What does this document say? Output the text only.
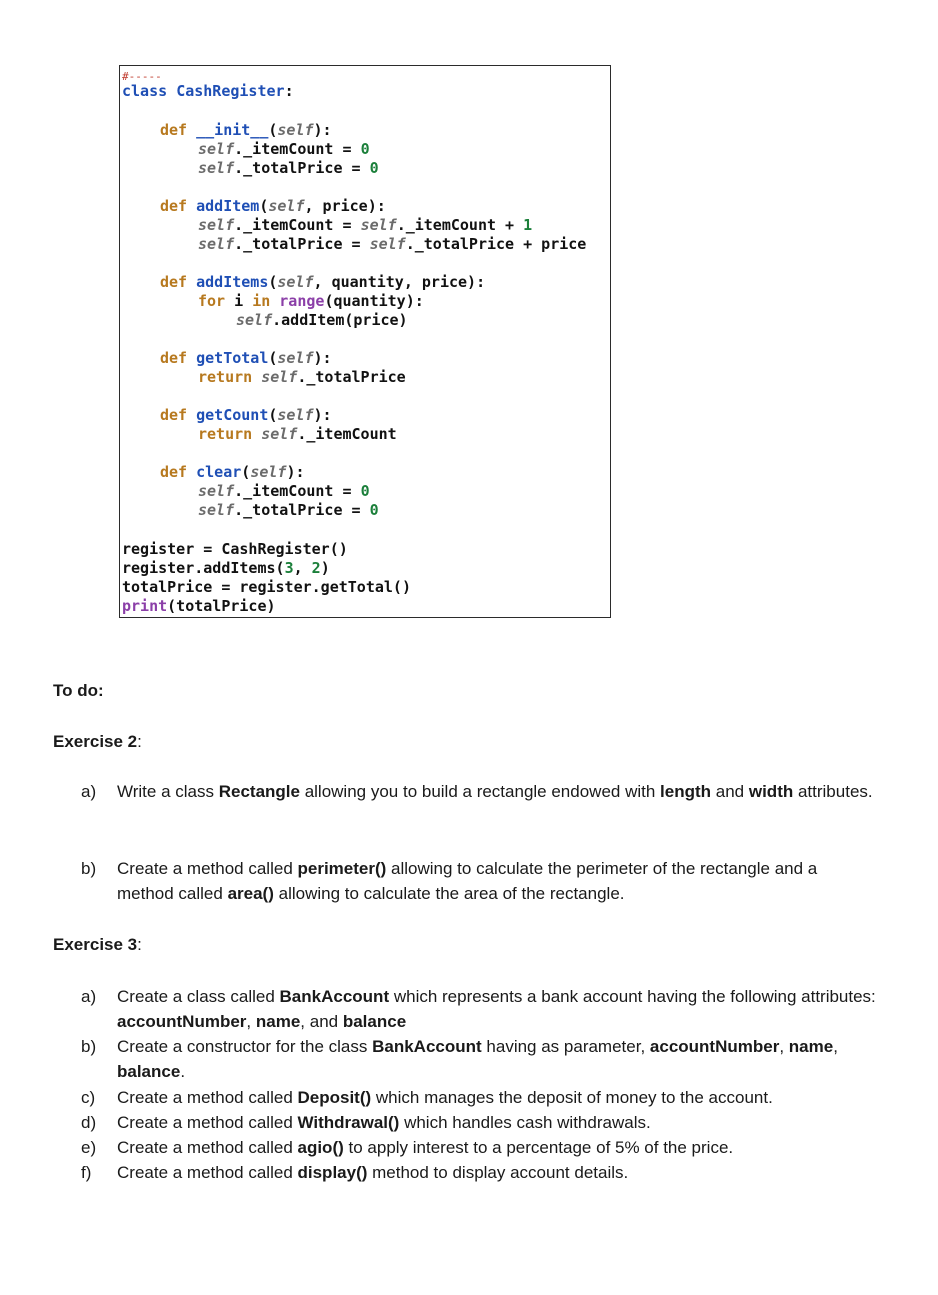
#-----
class CashRegister:
def __init__(self):
self._itemCount = 0
self._totalPrice = 0
def addItem(self, price):
self._itemCount = self._itemCount + 1
self._totalPrice = self._totalPrice + price
def addItems(self, quantity, price):
for i in range(quantity):
self.addItem(price)
def getTotal(self):
return self._totalPrice
def getCount(self):
return self._itemCount
def clear(self):
self._itemCount = 0
self._totalPrice = 0
register = CashRegister()
register.addItems(3, 2)
totalPrice = register.getTotal()
print(totalPrice)
To do:
Exercise 2:
a)	Write a class Rectangle allowing you to build a rectangle endowed with length and width attributes.
b)	Create a method called perimeter() allowing to calculate the perimeter of the rectangle and a method called area() allowing to calculate the area of the rectangle.
Exercise 3:
a)	Create a class called BankAccount which represents a bank account having the following attributes: accountNumber, name, and balance
b)	Create a constructor for the class BankAccount having as parameter, accountNumber, name, balance.
c)	Create a method called Deposit() which manages the deposit of money to the account.
d)	Create a method called Withdrawal() which handles cash withdrawals.
e)	Create a method called agio() to apply interest to a percentage of 5% of the price.
f)	Create a method called display() method to display account details.
